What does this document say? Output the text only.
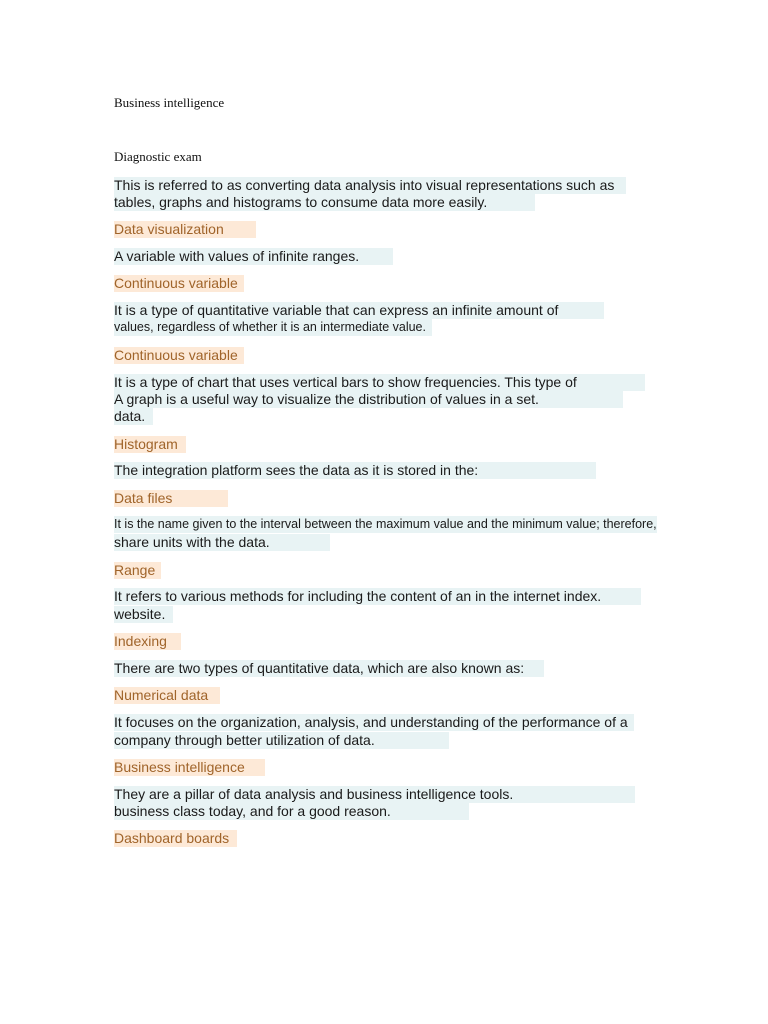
Business intelligence
Diagnostic exam
This is referred to as converting data analysis into visual representations such as
tables, graphs and histograms to consume data more easily.
Data visualization
A variable with values of infinite ranges.
Continuous variable
It is a type of quantitative variable that can express an infinite amount of
values, regardless of whether it is an intermediate value.
Continuous variable
It is a type of chart that uses vertical bars to show frequencies. This type of
A graph is a useful way to visualize the distribution of values in a set.
data.
Histogram
The integration platform sees the data as it is stored in the:
Data files
It is the name given to the interval between the maximum value and the minimum value; therefore,
share units with the data.
Range
It refers to various methods for including the content of an in the internet index.
website.
Indexing
There are two types of quantitative data, which are also known as:
Numerical data
It focuses on the organization, analysis, and understanding of the performance of a
company through better utilization of data.
Business intelligence
They are a pillar of data analysis and business intelligence tools.
business class today, and for a good reason.
Dashboard boards
